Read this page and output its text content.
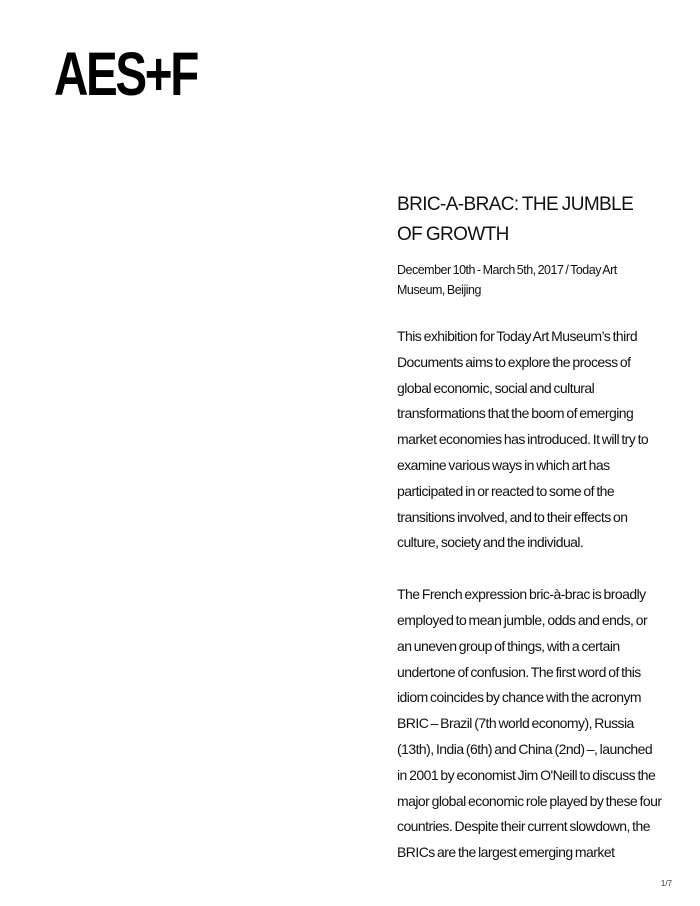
AES+F
BRIC-A-BRAC: THE JUMBLE OF GROWTH

December 10th - March 5th, 2017 / Today Art Museum, Beijing

This exhibition for Today Art Museum’s third Documents aims to explore the process of global economic, social and cultural transformations that the boom of emerging market economies has introduced. It will try to examine various ways in which art has participated in or reacted to some of the transitions involved, and to their effects on culture, society and the individual.

The French expression bric-à-brac is broadly employed to mean jumble, odds and ends, or an uneven group of things, with a certain undertone of confusion. The first word of this idiom coincides by chance with the acronym BRIC – Brazil (7th world economy), Russia (13th), India (6th) and China (2nd) –, launched in 2001 by economist Jim O'Neill to discuss the major global economic role played by these four countries. Despite their current slowdown, the BRICs are the largest emerging market

1/7
